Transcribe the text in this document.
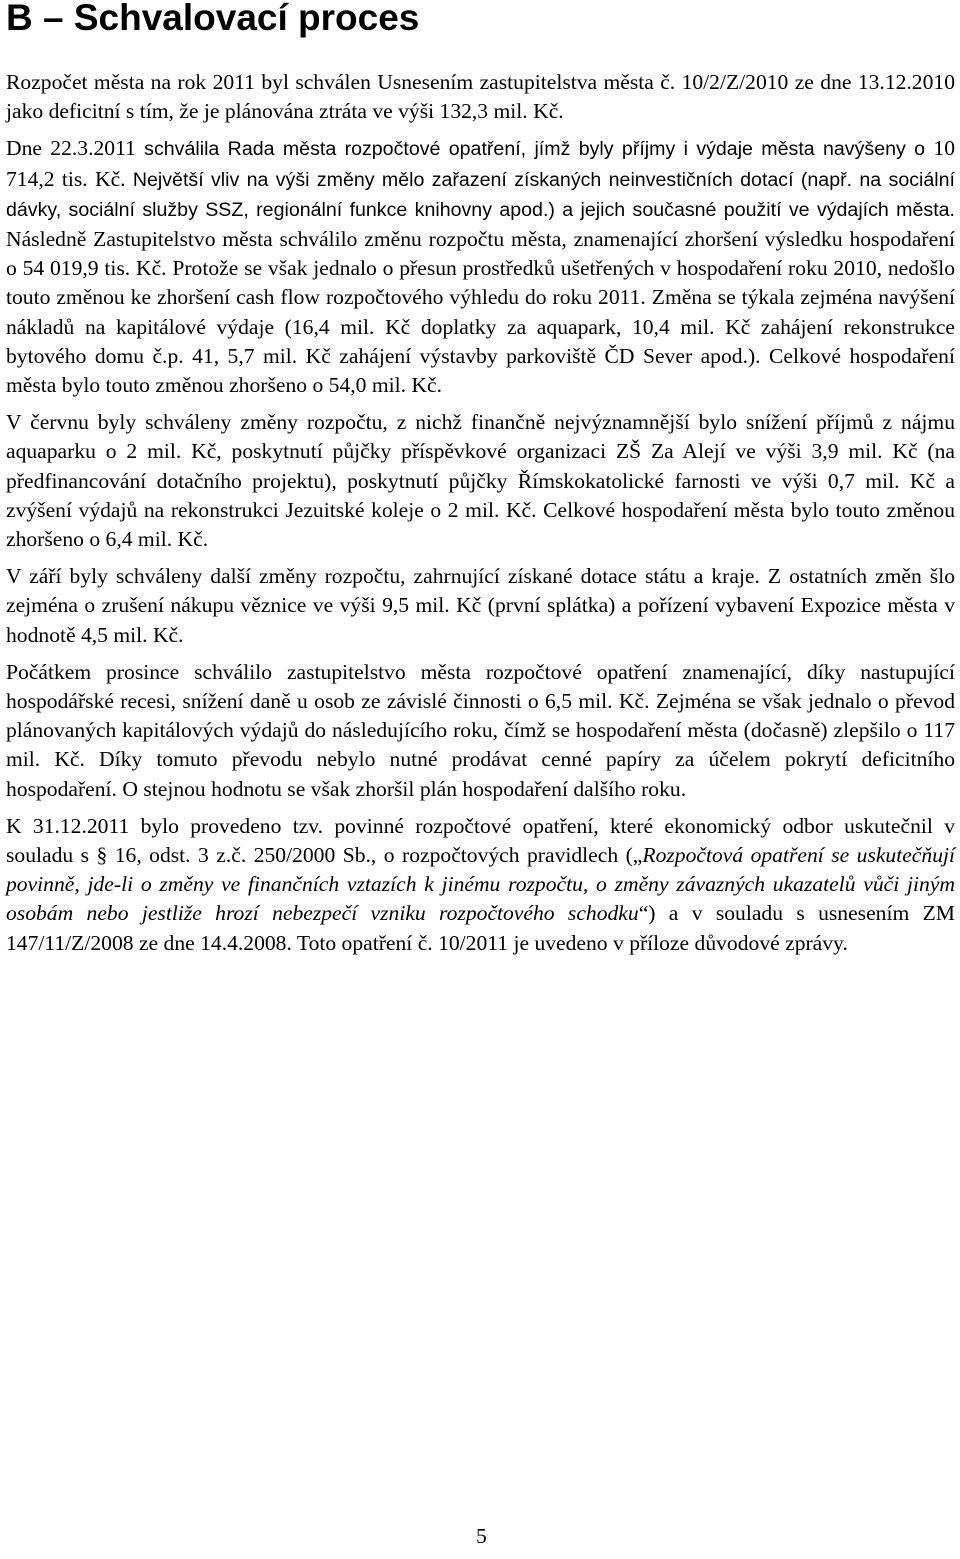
B – Schvalovací proces

Rozpočet města na rok 2011 byl schválen Usnesením zastupitelstva města č. 10/2/Z/2010 ze dne 13.12.2010 jako deficitní s tím, že je plánována ztráta ve výši 132,3 mil. Kč.

Dne 22.3.2011 schválila Rada města rozpočtové opatření, jímž byly příjmy i výdaje města navýšeny o 10 714,2 tis. Kč. Největší vliv na výši změny mělo zařazení získaných neinvestičních dotací (např. na sociální dávky, sociální služby SSZ, regionální funkce knihovny apod.) a jejich současné použití ve výdajích města. Následně Zastupitelstvo města schválilo změnu rozpočtu města, znamenající zhoršení výsledku hospodaření o 54 019,9 tis. Kč. Protože se však jednalo o přesun prostředků ušetřených v hospodaření roku 2010, nedošlo touto změnou ke zhoršení cash flow rozpočtového výhledu do roku 2011. Změna se týkala zejména navýšení nákladů na kapitálové výdaje (16,4 mil. Kč doplatky za aquapark, 10,4 mil. Kč zahájení rekonstrukce bytového domu č.p. 41, 5,7 mil. Kč zahájení výstavby parkoviště ČD Sever apod.). Celkové hospodaření města bylo touto změnou zhoršeno o 54,0 mil. Kč.

V červnu byly schváleny změny rozpočtu, z nichž finančně nejvýznamnější bylo snížení příjmů z nájmu aquaparku o 2 mil. Kč, poskytnutí půjčky příspěvkové organizaci ZŠ Za Alejí ve výši 3,9 mil. Kč (na předfinancování dotačního projektu), poskytnutí půjčky Římskokatolické farnosti ve výši 0,7 mil. Kč a zvýšení výdajů na rekonstrukci Jezuitské koleje o 2 mil. Kč. Celkové hospodaření města bylo touto změnou zhoršeno o 6,4 mil. Kč.

V září byly schváleny další změny rozpočtu, zahrnující získané dotace státu a kraje. Z ostatních změn šlo zejména o zrušení nákupu věznice ve výši 9,5 mil. Kč (první splátka) a pořízení vybavení Expozice města v hodnotě 4,5 mil. Kč.

Počátkem prosince schválilo zastupitelstvo města rozpočtové opatření znamenající, díky nastupující hospodářské recesi, snížení daně u osob ze závislé činnosti o 6,5 mil. Kč. Zejména se však jednalo o převod plánovaných kapitálových výdajů do následujícího roku, čímž se hospodaření města (dočasně) zlepšilo o 117 mil. Kč. Díky tomuto převodu nebylo nutné prodávat cenné papíry za účelem pokrytí deficitního hospodaření. O stejnou hodnotu se však zhoršil plán hospodaření dalšího roku.

K 31.12.2011 bylo provedeno tzv. povinné rozpočtové opatření, které ekonomický odbor uskutečnil v souladu s § 16, odst. 3 z.č. 250/2000 Sb., o rozpočtových pravidlech („Rozpočtová opatření se uskutečňují povinně, jde-li o změny ve finančních vztazích k jinému rozpočtu, o změny závazných ukazatelů vůči jiným osobám nebo jestliže hrozí nebezpečí vzniku rozpočtového schodku“) a v souladu s usnesením ZM 147/11/Z/2008 ze dne 14.4.2008. Toto opatření č. 10/2011 je uvedeno v příloze důvodové zprávy.

5
